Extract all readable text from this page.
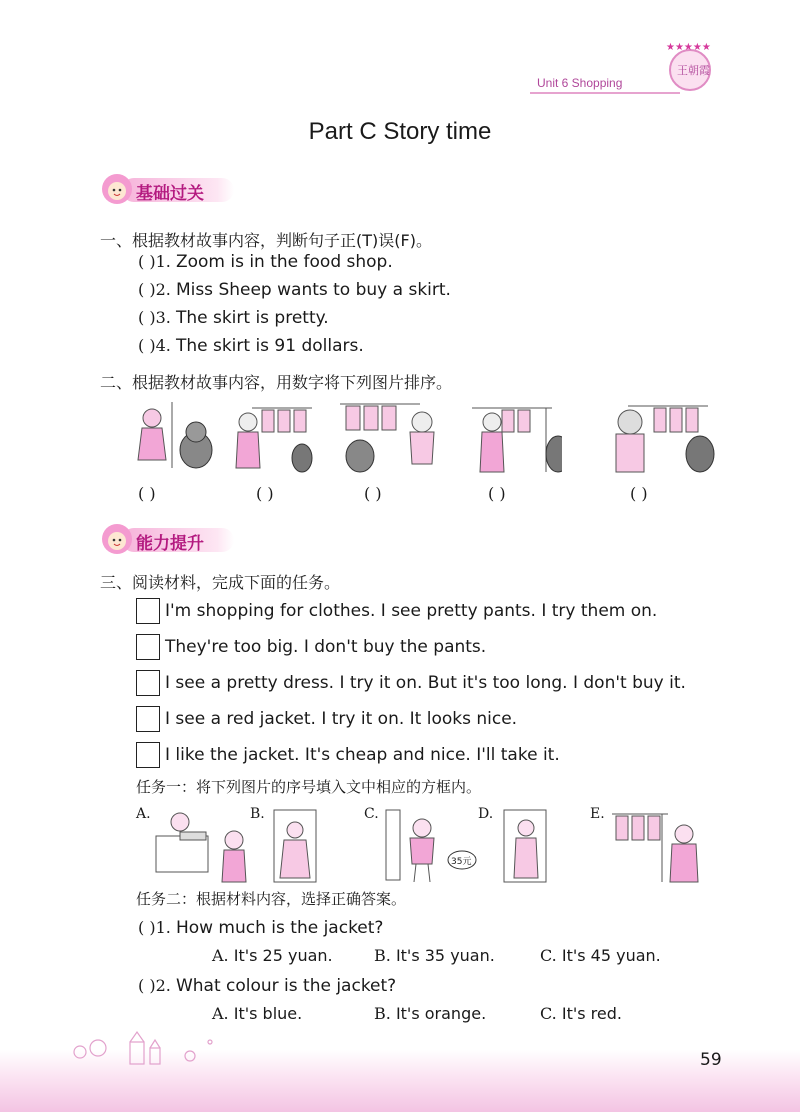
★★★★★
王朝霞
Unit 6 Shopping
Part C Story time
基础过关
一、根据教材故事内容，判断句子正(T)误(F)。
( )1. Zoom is in the food shop.
( )2. Miss Sheep wants to buy a skirt.
( )3. The skirt is pretty.
( )4. The skirt is 91 dollars.
二、根据教材故事内容，用数字将下列图片排序。
( )	( )	( )	( )	( )
能力提升
三、阅读材料，完成下面的任务。
I'm shopping for clothes. I see pretty pants. I try them on.
They're too big. I don't buy the pants.
I see a pretty dress. I try it on. But it's too long. I don't buy it.
I see a red jacket. I try it on. It looks nice.
I like the jacket. It's cheap and nice. I'll take it.
任务一：将下列图片的序号填入文中相应的方框内。
A.	B.	C.
35元
D.	E.
任务二：根据材料内容，选择正确答案。
( )1. How much is the jacket?
A. It's 25 yuan.	B. It's 35 yuan.	C. It's 45 yuan.
( )2. What colour is the jacket?
A. It's blue.	B. It's orange.	C. It's red.
59
